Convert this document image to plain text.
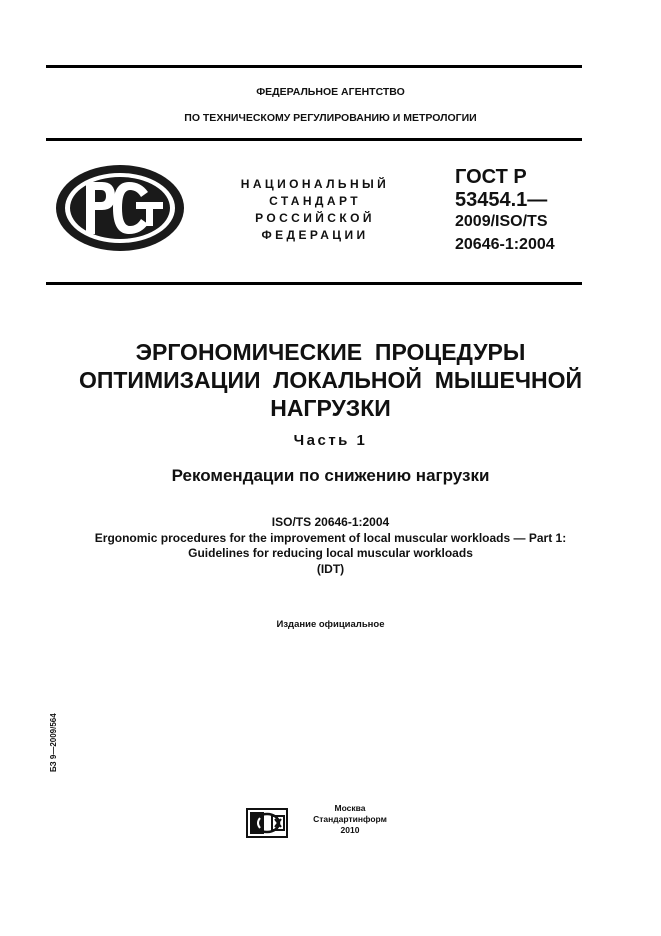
ФЕДЕРАЛЬНОЕ АГЕНТСТВО
ПО ТЕХНИЧЕСКОМУ РЕГУЛИРОВАНИЮ И МЕТРОЛОГИИ
НАЦИОНАЛЬНЫЙ
СТАНДАРТ
РОССИЙСКОЙ
ФЕДЕРАЦИИ
ГОСТ Р
53454.1—
2009/ISO/TS
20646-1:2004
ЭРГОНОМИЧЕСКИЕ  ПРОЦЕДУРЫ
ОПТИМИЗАЦИИ  ЛОКАЛЬНОЙ  МЫШЕЧНОЙ
НАГРУЗКИ
Часть 1
Рекомендации по снижению нагрузки
ISO/TS 20646-1:2004
Ergonomic procedures for the improvement of local muscular workloads — Part 1:
Guidelines for reducing local muscular workloads
(IDT)
Издание официальное
БЗ 9—2009/564
Москва
Стандартинформ
2010
